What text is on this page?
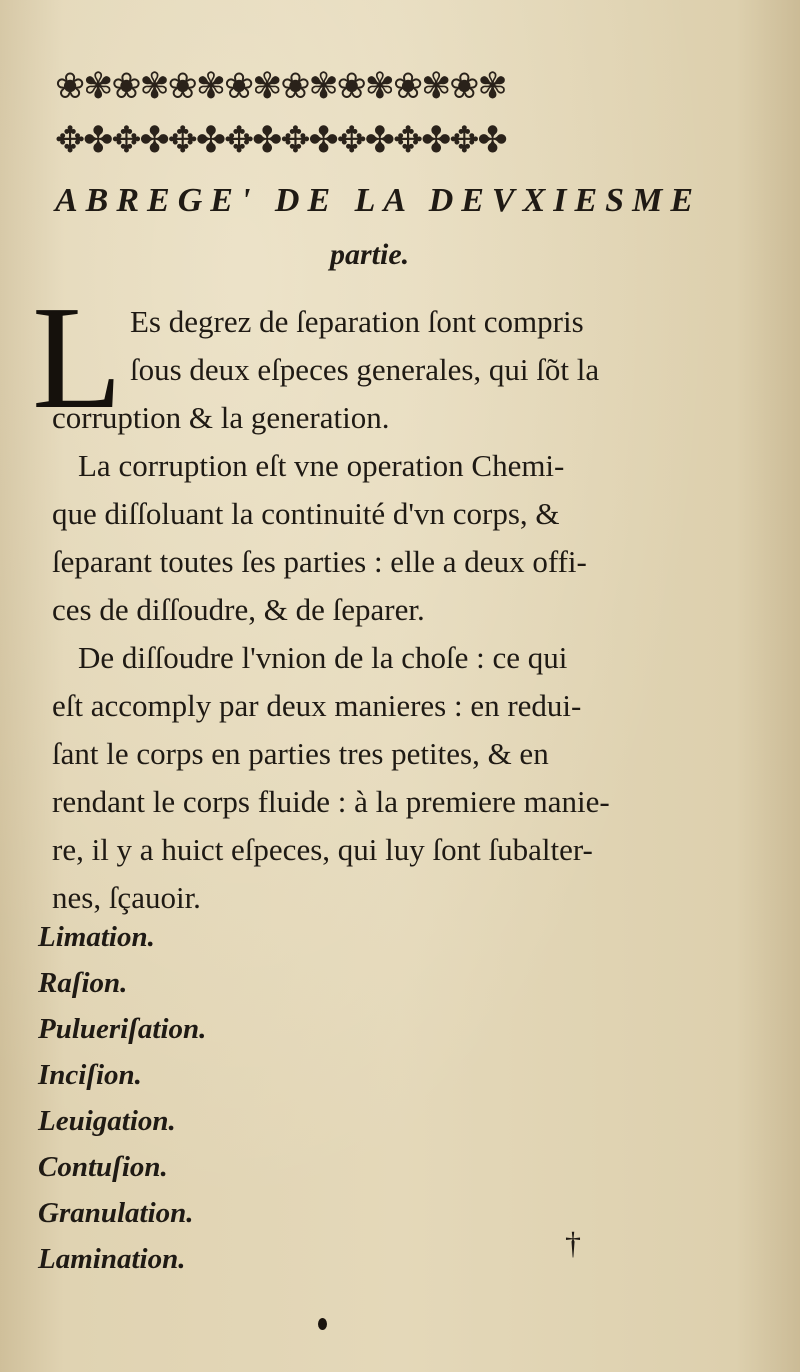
❀✾❀✾❀✾❀✾❀✾❀✾❀✾❀✾
✥✤✥✤✥✤✥✤✥✤✥✤✥✤✥✤
ABREGE' DE LA DEVXIESME
partie.
L Es degrez de ſeparation ſont compris
ſous deux eſpeces generales, qui ſõt la
corruption & la generation.
La corruption eſt vne operation Chemi-
que diſſoluant la continuité d'vn corps, &
ſeparant toutes ſes parties : elle a deux offi-
ces de diſſoudre, & de ſeparer.
De diſſoudre l'vnion de la choſe : ce qui
eſt accomply par deux manieres : en redui-
ſant le corps en parties tres petites, & en
rendant le corps fluide : à la premiere manie-
re, il y a huict eſpeces, qui luy ſont ſubalter-
nes, ſçauoir.
Limation.
Raſion.
Pulueriſation.
Inciſion.
Leuigation.
Contuſion.
Granulation.
Lamination.	†
